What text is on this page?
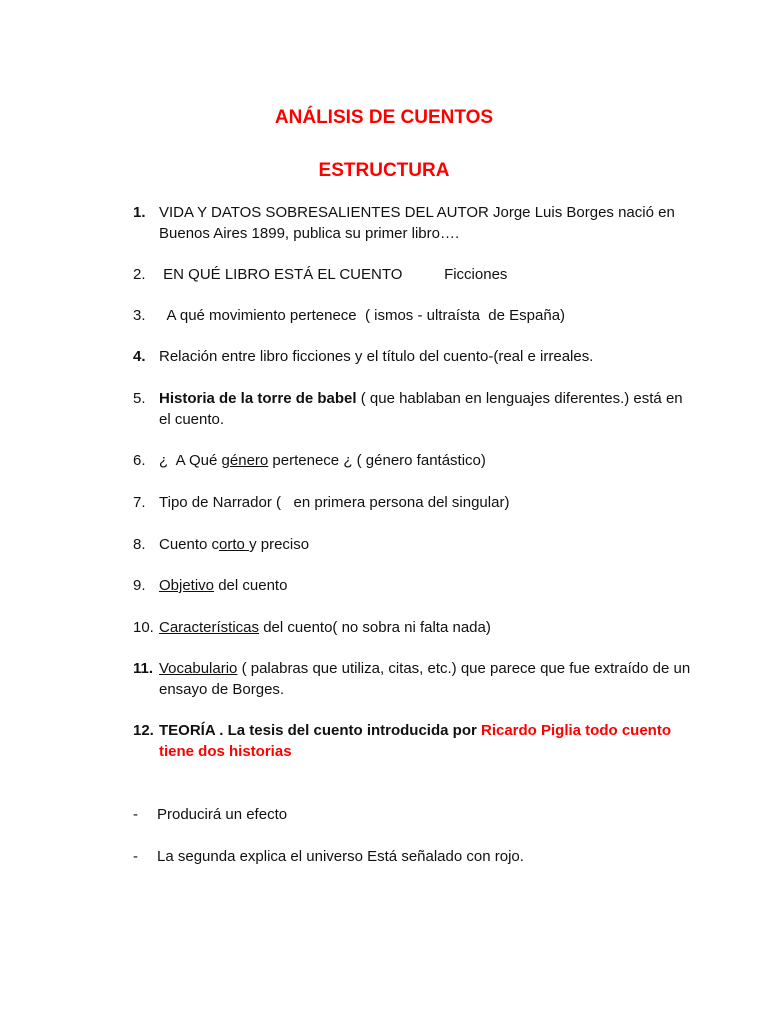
ANÁLISIS DE CUENTOS
ESTRUCTURA
1. VIDA Y DATOS SOBRESALIENTES DEL AUTOR Jorge Luis Borges nació en Buenos Aires 1899, publica su primer libro….
2. EN QUÉ LIBRO ESTÁ EL CUENTO          Ficciones
3. A qué movimiento pertenece  ( ismos - ultraísta  de España)
4. Relación entre libro ficciones y el título del cuento-(real e irreales.
5. Historia de la torre de babel ( que hablaban en lenguajes diferentes.) está en el cuento.
6. ¿  A Qué género pertenece ¿ ( género fantástico)
7. Tipo de Narrador (   en primera persona del singular)
8. Cuento corto y preciso
9. Objetivo del cuento
10. Características del cuento( no sobra ni falta nada)
11. Vocabulario ( palabras que utiliza, citas, etc.) que parece que fue extraído de un ensayo de Borges.
12. TEORÍA . La tesis del cuento introducida por Ricardo Piglia todo cuento tiene dos historias
- Producirá un efecto
- La segunda explica el universo Está señalado con rojo.
